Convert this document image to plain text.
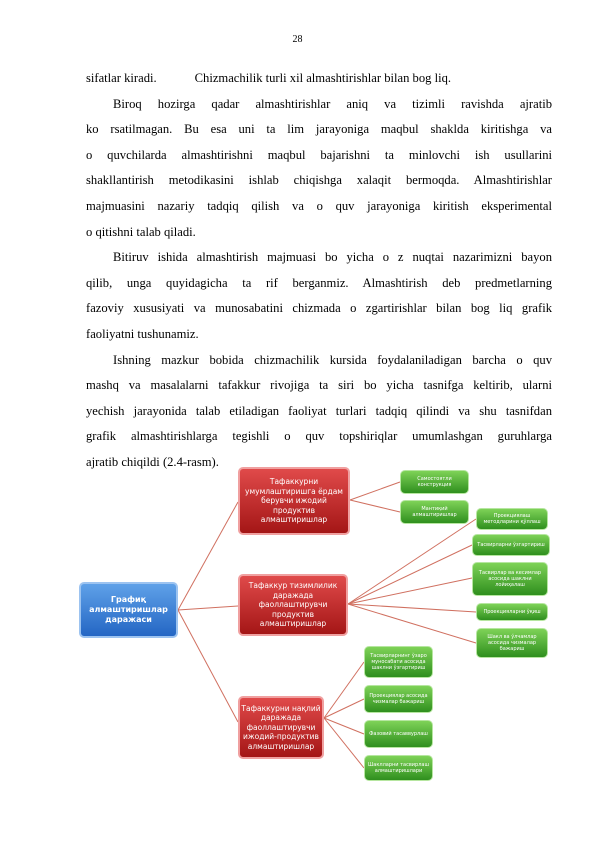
28
sifatlar kiradi.	Chizmachilik turli xil almashtirishlar bilan bog liq.
Biroq hozirga qadar almashtirishlar aniq va tizimli ravishda ajratib
ko rsatilmagan. Bu esa uni ta lim jarayoniga maqbul shaklda kiritishga va
o quvchilarda almashtirishni maqbul bajarishni ta minlovchi ish usullarini
shakllantirish metodikasini ishlab chiqishga xalaqit bermoqda. Almashtirishlar
majmuasini nazariy tadqiq qilish va o quv jarayoniga kiritish eksperimental
o qitishni talab qiladi.
Bitiruv ishida almashtirish majmuasi bo yicha o z nuqtai nazarimizni bayon
qilib, unga quyidagicha ta rif berganmiz. Almashtirish deb predmetlarning
fazoviy xususiyati va munosabatini chizmada o zgartirishlar bilan bog liq grafik
faoliyatni tushunamiz.
Ishning mazkur bobida chizmachilik kursida foydalaniladigan barcha o quv
mashq va masalalarni tafakkur rivojiga ta siri bo yicha tasnifga keltirib, ularni
yechish jarayonida talab etiladigan faoliyat turlari tadqiq qilindi va shu tasnifdan
grafik almashtirishlarga tegishli o quv topshiriqlar umumlashgan guruhlarga
ajratib chiqildi (2.4-rasm).
Графиқ алмаштиришлар даражаси
Тафаккурни умумлаштиришга ёрдам берувчи ижодий продуктив алмаштиришлар
Тафаккур тизимлилик даражада фаоллаштирувчи продуктив алмаштиришлар
Тафаккурни нақлий даражада фаоллаштирувчи ижодий-продуктив алмаштиришлар
Самостоятли конструкция
Мантиқий алмаштиришлар	Проекциялаш методларини қўллаш
Тасвирларни ўзгартириш
Тасвирлар ва кесимлар асосида шаклни лойиҳалаш
Проекцияларни ўқиш
Шакл ва ўлчамлар асосида чизмалар бажариш
Тасвирларнинг ўзаро муносабати асосида шаклни ўзгартириш
Проекциялар асосида чизмалар бажариш
Фазовий тасаввурлаш
Шаклларни тасвирлаш алмаштиришлари
